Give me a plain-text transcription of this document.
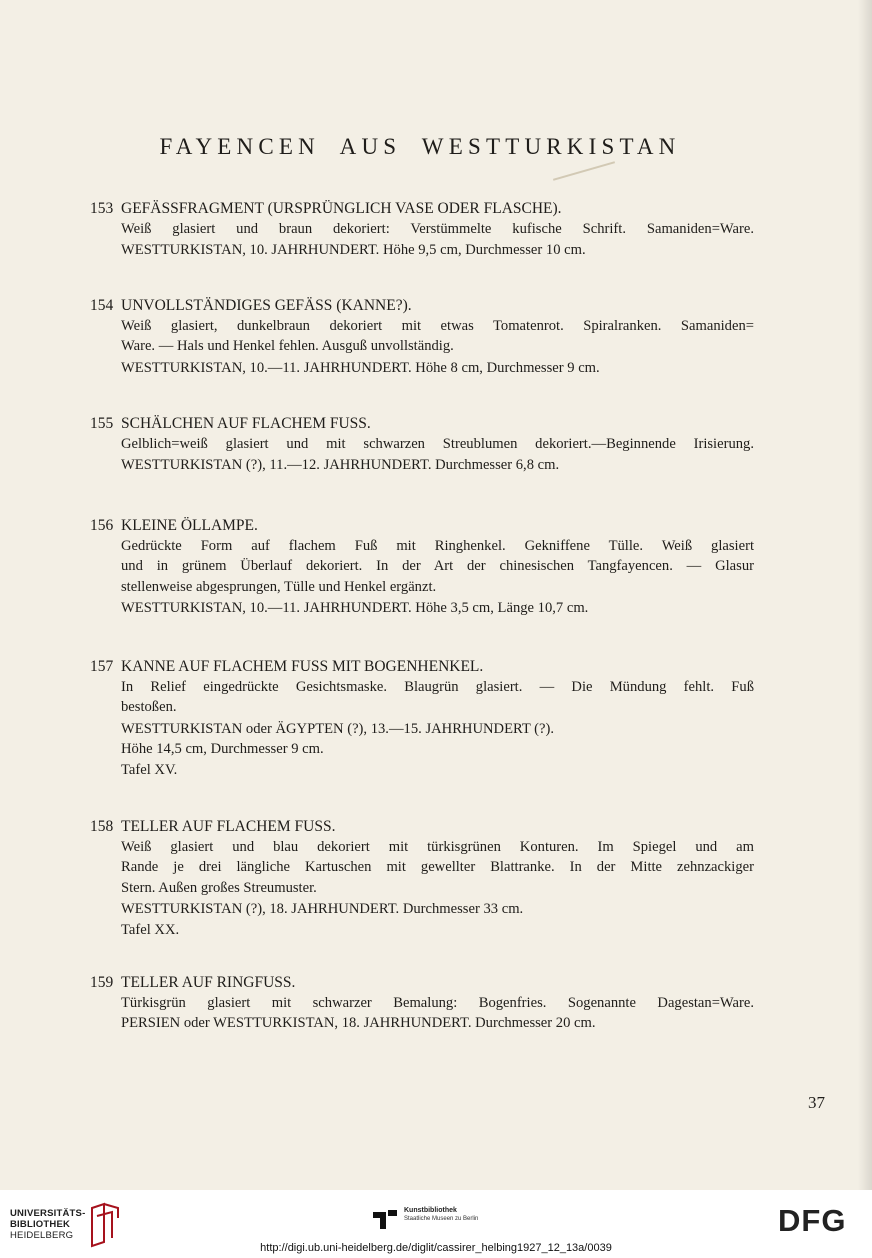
FAYENCEN AUS WESTTURKISTAN
153 GEFÄSSFRAGMENT (URSPRÜNGLICH VASE ODER FLASCHE).
Weiß glasiert und braun dekoriert: Verstümmelte kufische Schrift. Samaniden=Ware.
WESTTURKISTAN, 10. JAHRHUNDERT. Höhe 9,5 cm, Durchmesser 10 cm.
154 UNVOLLSTÄNDIGES GEFÄSS (KANNE?).
Weiß glasiert, dunkelbraun dekoriert mit etwas Tomatenrot. Spiralranken. Samaniden=
Ware. — Hals und Henkel fehlen. Ausguß unvollständig.
WESTTURKISTAN, 10.—11. JAHRHUNDERT. Höhe 8 cm, Durchmesser 9 cm.
155 SCHÄLCHEN AUF FLACHEM FUSS.
Gelblich=weiß glasiert und mit schwarzen Streublumen dekoriert.—Beginnende Irisierung.
WESTTURKISTAN (?), 11.—12. JAHRHUNDERT. Durchmesser 6,8 cm.
156 KLEINE ÖLLAMPE.
Gedrückte Form auf flachem Fuß mit Ringhenkel. Gekniffene Tülle. Weiß glasiert
und in grünem Überlauf dekoriert. In der Art der chinesischen Tangfayencen. — Glasur
stellenweise abgesprungen, Tülle und Henkel ergänzt.
WESTTURKISTAN, 10.—11. JAHRHUNDERT. Höhe 3,5 cm, Länge 10,7 cm.
157 KANNE AUF FLACHEM FUSS MIT BOGENHENKEL.
In Relief eingedrückte Gesichtsmaske. Blaugrün glasiert. — Die Mündung fehlt. Fuß
bestoßen.
WESTTURKISTAN oder ÄGYPTEN (?), 13.—15. JAHRHUNDERT (?).
Höhe 14,5 cm, Durchmesser 9 cm.
Tafel XV.
158 TELLER AUF FLACHEM FUSS.
Weiß glasiert und blau dekoriert mit türkisgrünen Konturen. Im Spiegel und am
Rande je drei längliche Kartuschen mit gewellter Blattranke. In der Mitte zehnzackiger
Stern. Außen großes Streumuster.
WESTTURKISTAN (?), 18. JAHRHUNDERT. Durchmesser 33 cm.
Tafel XX.
159 TELLER AUF RINGFUSS.
Türkisgrün glasiert mit schwarzer Bemalung: Bogenfries. Sogenannte Dagestan=Ware.
PERSIEN oder WESTTURKISTAN, 18. JAHRHUNDERT. Durchmesser 20 cm.
37
UNIVERSITÄTS-
BIBLIOTHEK
HEIDELBERG
Kunstbibliothek
Staatliche Museen zu Berlin	DFG
http://digi.ub.uni-heidelberg.de/diglit/cassirer_helbing1927_12_13a/0039
